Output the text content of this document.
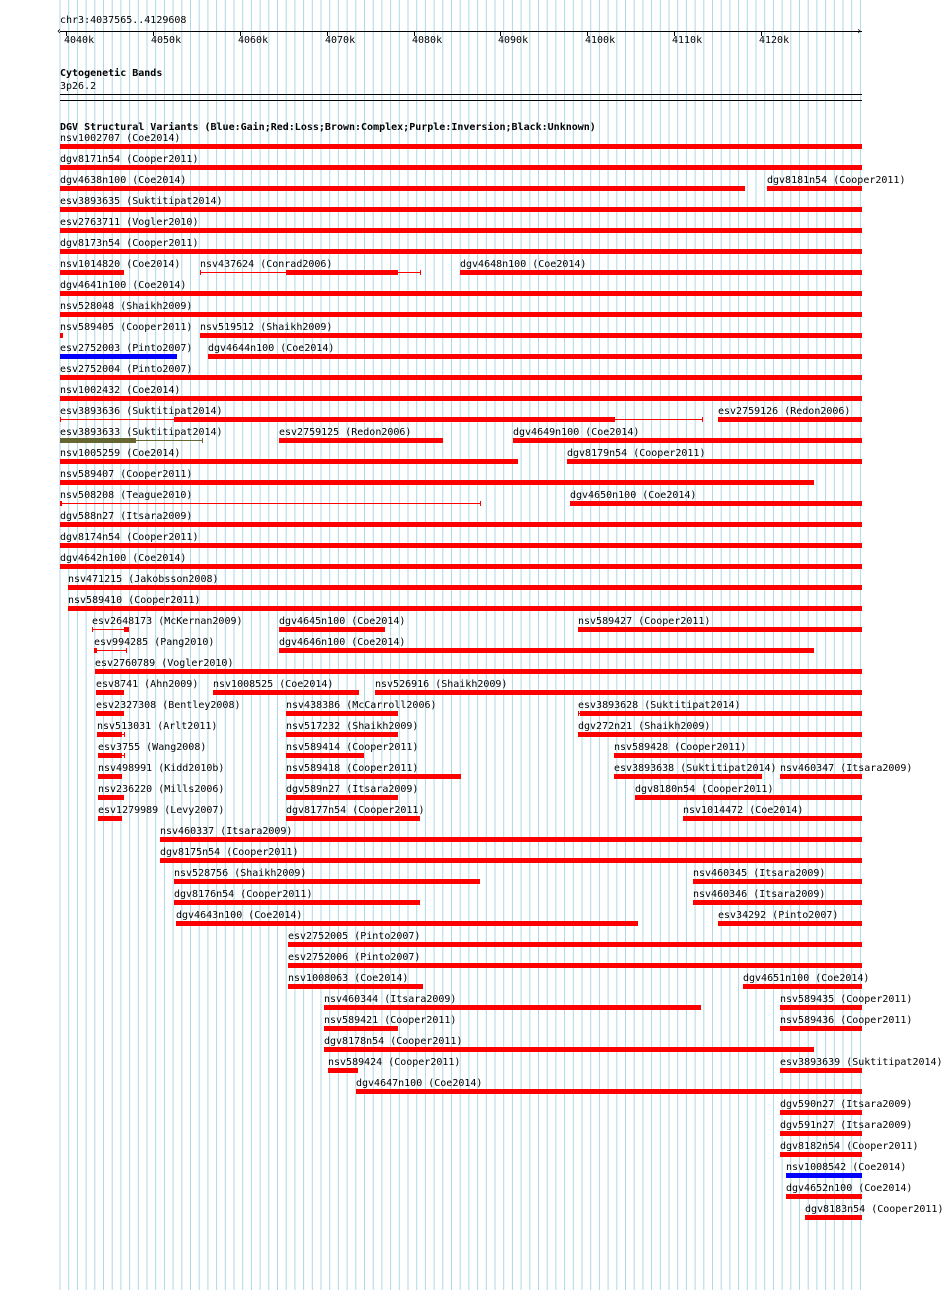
chr3:4037565..4129608
‹	›
4040k	4050k	4060k	4070k	4080k	4090k	4100k	4110k	4120k
Cytogenetic Bands
3p26.2
DGV Structural Variants (Blue:Gain;Red:Loss;Brown:Complex;Purple:Inversion;Black:Unknown)
nsv1002707 (Coe2014)
dgv8171n54 (Cooper2011)
dgv4638n100 (Coe2014)	dgv8181n54 (Cooper2011)
esv3893635 (Suktitipat2014)
esv2763711 (Vogler2010)
dgv8173n54 (Cooper2011)
nsv1014820 (Coe2014) nsv437624 (Conrad2006)	dgv4648n100 (Coe2014)
dgv4641n100 (Coe2014)
nsv528048 (Shaikh2009)
nsv589405 (Cooper2011) nsv519512 (Shaikh2009)
esv2752003 (Pinto2007) dgv4644n100 (Coe2014)
esv2752004 (Pinto2007)
nsv1002432 (Coe2014)
esv3893636 (Suktitipat2014)	esv2759126 (Redon2006)
esv3893633 (Suktitipat2014)	esv2759125 (Redon2006)	dgv4649n100 (Coe2014)
nsv1005259 (Coe2014)	dgv8179n54 (Cooper2011)
nsv589407 (Cooper2011)
nsv508208 (Teague2010)	dgv4650n100 (Coe2014)
dgv588n27 (Itsara2009)
dgv8174n54 (Cooper2011)
dgv4642n100 (Coe2014)
nsv471215 (Jakobsson2008)
nsv589410 (Cooper2011)
esv2648173 (McKernan2009)	dgv4645n100 (Coe2014)	nsv589427 (Cooper2011)
esv994285 (Pang2010)	dgv4646n100 (Coe2014)
esv2760789 (Vogler2010)
esv8741 (Ahn2009) nsv1008525 (Coe2014)	nsv526916 (Shaikh2009)
esv2327308 (Bentley2008)	nsv438386 (McCarroll2006)	esv3893628 (Suktitipat2014)
nsv513031 (Arlt2011)	nsv517232 (Shaikh2009)	dgv272n21 (Shaikh2009)
esv3755 (Wang2008)	nsv589414 (Cooper2011)	nsv589428 (Cooper2011)
nsv498991 (Kidd2010b)	nsv589418 (Cooper2011)	esv3893638 (Suktitipat2014) nsv460347 (Itsara2009)
nsv236220 (Mills2006)	dgv589n27 (Itsara2009)	dgv8180n54 (Cooper2011)
esv1279989 (Levy2007)	dgv8177n54 (Cooper2011)	nsv1014472 (Coe2014)
nsv460337 (Itsara2009)
dgv8175n54 (Cooper2011)
nsv528756 (Shaikh2009)	nsv460345 (Itsara2009)
dgv8176n54 (Cooper2011)	nsv460346 (Itsara2009)
dgv4643n100 (Coe2014)	esv34292 (Pinto2007)
esv2752005 (Pinto2007)
esv2752006 (Pinto2007)
nsv1008063 (Coe2014)	dgv4651n100 (Coe2014)
nsv460344 (Itsara2009)	nsv589435 (Cooper2011)
nsv589421 (Cooper2011)	nsv589436 (Cooper2011)
dgv8178n54 (Cooper2011)
nsv589424 (Cooper2011)	esv3893639 (Suktitipat2014)
dgv4647n100 (Coe2014)
dgv590n27 (Itsara2009)
dgv591n27 (Itsara2009)
dgv8182n54 (Cooper2011)
nsv1008542 (Coe2014)
dgv4652n100 (Coe2014)
dgv8183n54 (Cooper2011)
